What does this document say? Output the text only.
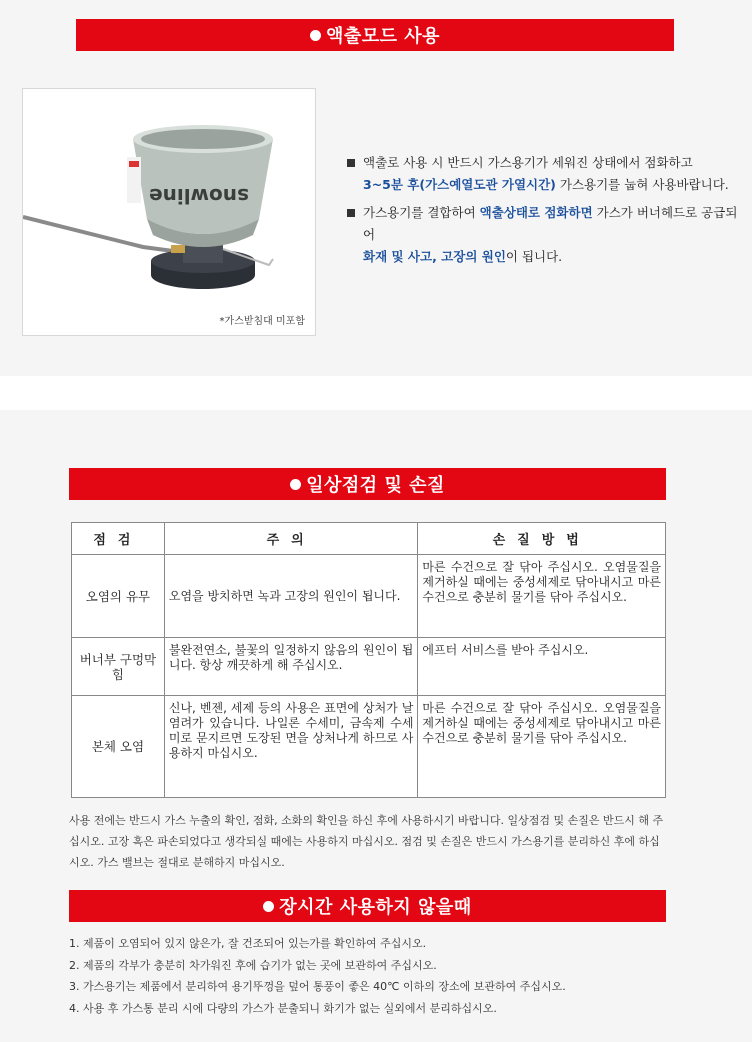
액출모드 사용
snowline
*가스받침대 미포함
액출로 사용 시 반드시 가스용기가 세워진 상태에서 점화하고
3~5분 후(가스예열도관 가열시간) 가스용기를 눕혀 사용바랍니다.
가스용기를 결합하여 액출상태로 점화하면 가스가 버너헤드로 공급되어
화재 및 사고, 고장의 원인이 됩니다.
일상점검 및 손질
점검	주의	손질방법
오염의 유무	오염을 방치하면 녹과 고장의 원인이 됩니다.	마른 수건으로 잘 닦아 주십시오. 오염물질을 제거하실 때에는 중성세제로 닦아내시고 마른 수건으로 충분히 물기를 닦아 주십시오.
버너부 구멍막힘	불완전연소, 불꽃의 일정하지 않음의 원인이 됩니다. 항상 깨끗하게 해 주십시오.	에프터 서비스를 받아 주십시오.
본체 오염	신나, 벤젠, 세제 등의 사용은 표면에 상처가 날 염려가 있습니다. 나일론 수세미, 금속제 수세미로 문지르면 도장된 면을 상처나게 하므로 사용하지 마십시오.	마른 수건으로 잘 닦아 주십시오. 오염물질을 제거하실 때에는 중성세제로 닦아내시고 마른 수건으로 충분히 물기를 닦아 주십시오.
사용 전에는 반드시 가스 누출의 확인, 점화, 소화의 확인을 하신 후에 사용하시기 바랍니다. 일상점검 및 손질은 반드시 해 주십시오. 고장 혹은 파손되었다고 생각되실 때에는 사용하지 마십시오. 점검 및 손질은 반드시 가스용기를 분리하신 후에 하십시오. 가스 밸브는 절대로 분해하지 마십시오.
장시간 사용하지 않을때
1. 제품이 오염되어 있지 않은가, 잘 건조되어 있는가를 확인하여 주십시오.
2. 제품의 각부가 충분히 차가워진 후에 습기가 없는 곳에 보관하여 주십시오.
3. 가스용기는 제품에서 분리하여 용기뚜껑을 덮어 통풍이 좋은 40℃ 이하의 장소에 보관하여 주십시오.
4. 사용 후 가스통 분리 시에 다량의 가스가 분출되니 화기가 없는 실외에서 분리하십시오.
